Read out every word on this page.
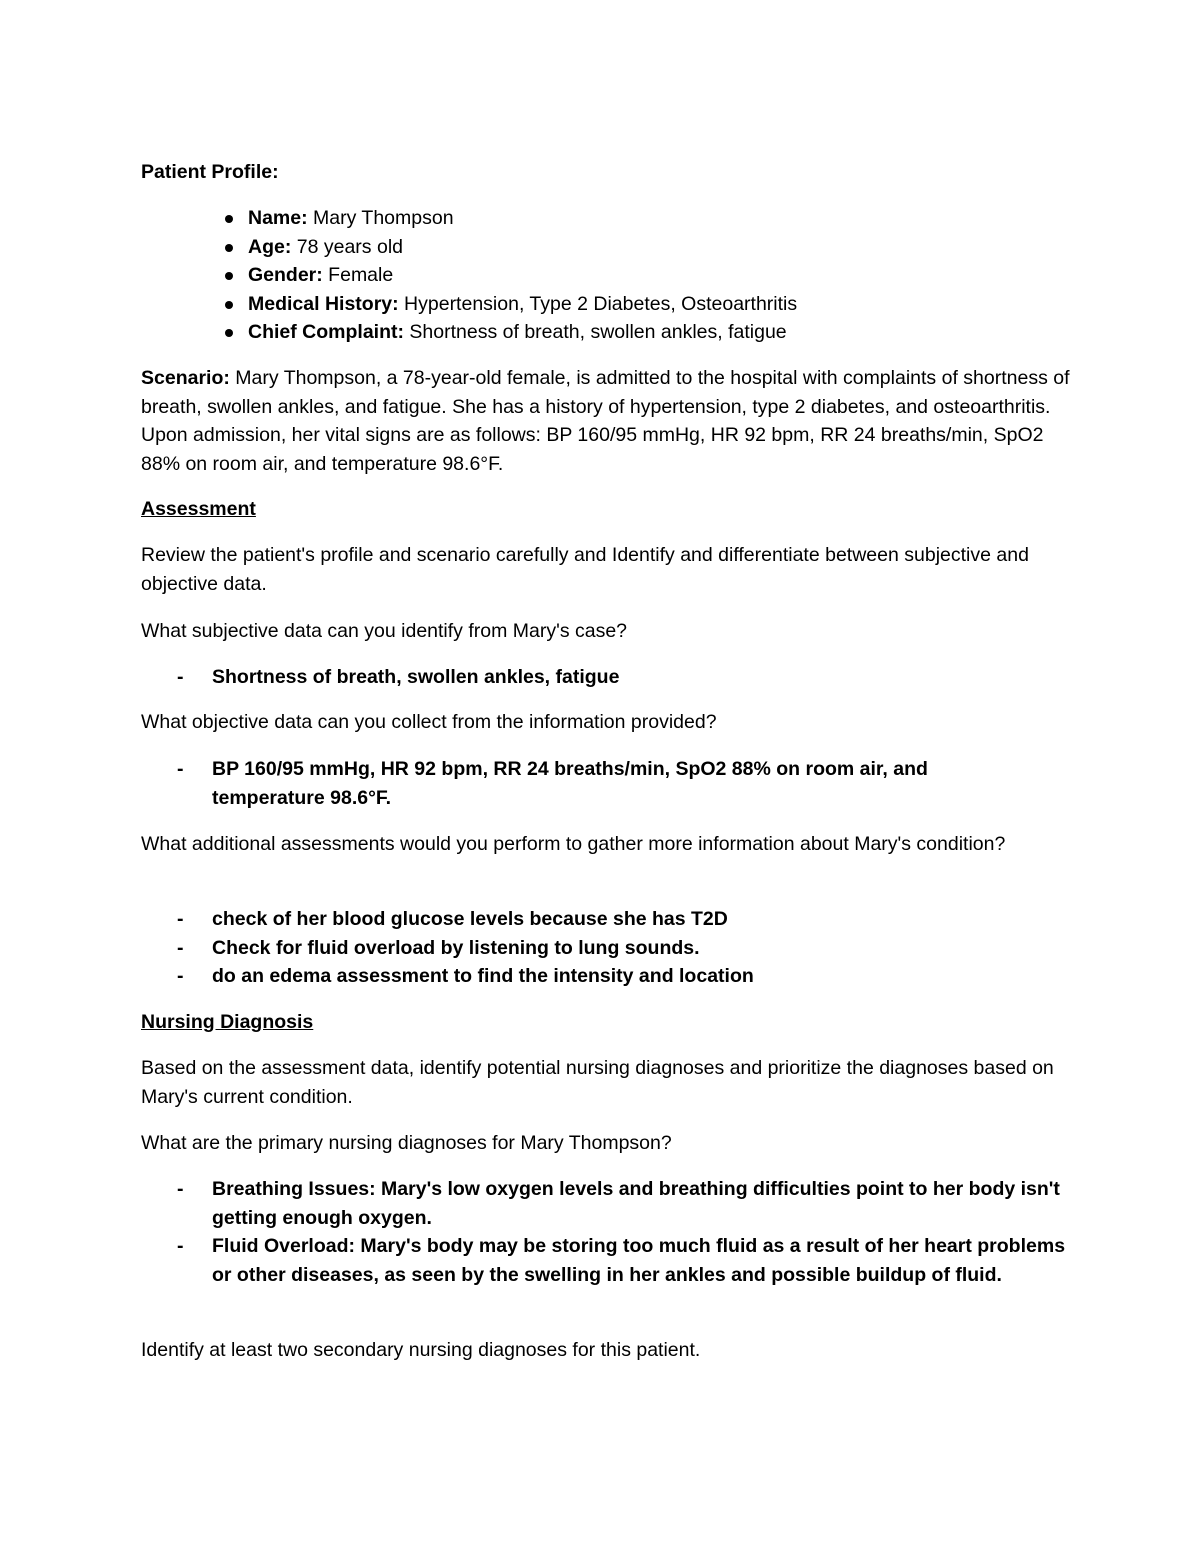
Patient Profile:

Name: Mary Thompson
Age: 78 years old
Gender: Female
Medical History: Hypertension, Type 2 Diabetes, Osteoarthritis
Chief Complaint: Shortness of breath, swollen ankles, fatigue

Scenario: Mary Thompson, a 78-year-old female, is admitted to the hospital with complaints of shortness of breath, swollen ankles, and fatigue. She has a history of hypertension, type 2 diabetes, and osteoarthritis. Upon admission, her vital signs are as follows: BP 160/95 mmHg, HR 92 bpm, RR 24 breaths/min, SpO2 88% on room air, and temperature 98.6°F.

Assessment

Review the patient's profile and scenario carefully and Identify and differentiate between subjective and objective data.

What subjective data can you identify from Mary's case?

- Shortness of breath, swollen ankles, fatigue

What objective data can you collect from the information provided?

- BP 160/95 mmHg, HR 92 bpm, RR 24 breaths/min, SpO2 88% on room air, and temperature 98.6°F.

What additional assessments would you perform to gather more information about Mary's condition?

- check of her blood glucose levels because she has T2D
- Check for fluid overload by listening to lung sounds.
- do an edema assessment to find the intensity and location

Nursing Diagnosis

Based on the assessment data, identify potential nursing diagnoses and prioritize the diagnoses based on Mary's current condition.

What are the primary nursing diagnoses for Mary Thompson?

- Breathing Issues: Mary's low oxygen levels and breathing difficulties point to her body isn't getting enough oxygen.
- Fluid Overload: Mary's body may be storing too much fluid as a result of her heart problems or other diseases, as seen by the swelling in her ankles and possible buildup of fluid.

Identify at least two secondary nursing diagnoses for this patient.
